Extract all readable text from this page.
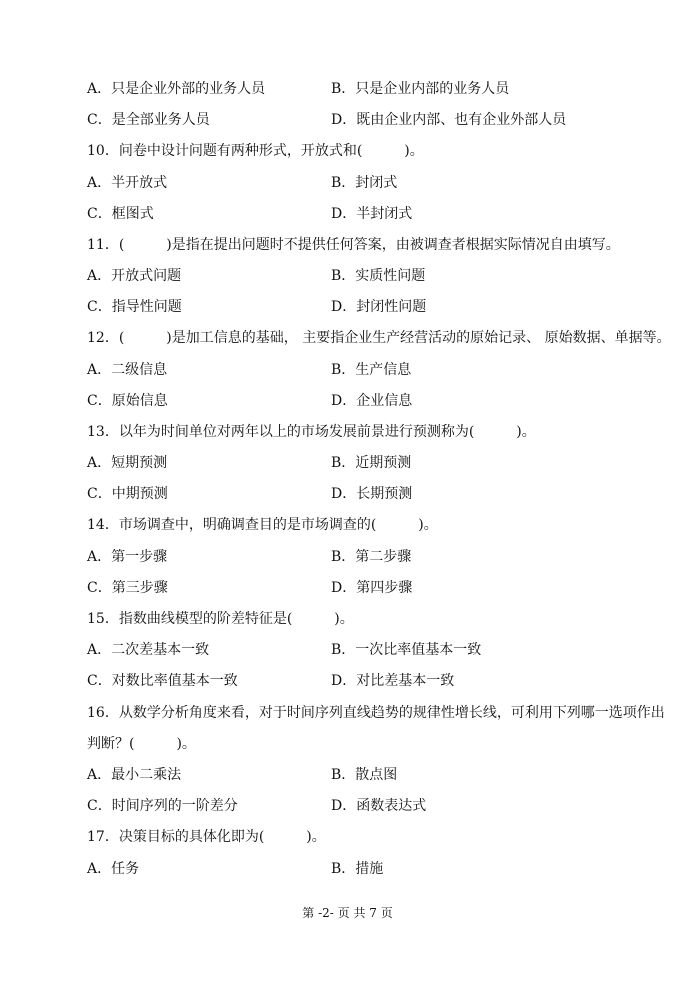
A．只是企业外部的业务人员	B．只是企业内部的业务人员
C．是全部业务人员	D．既由企业内部、也有企业外部人员
10．问卷中设计问题有两种形式，开放式和(　　　)。
A．半开放式	B．封闭式
C．框图式	D．半封闭式
11．(　　　)是指在提出问题时不提供任何答案，由被调查者根据实际情况自由填写。
A．开放式问题	B．实质性问题
C．指导性问题	D．封闭性问题
12．(　　　)是加工信息的基础， 主要指企业生产经营活动的原始记录、 原始数据、单据等。
A．二级信息	B．生产信息
C．原始信息	D．企业信息
13．以年为时间单位对两年以上的市场发展前景进行预测称为(　　　)。
A．短期预测	B．近期预测
C．中期预测	D．长期预测
14．市场调查中，明确调查目的是市场调查的(　　　)。
A．第一步骤	B．第二步骤
C．第三步骤	D．第四步骤
15．指数曲线模型的阶差特征是(　　　)。
A．二次差基本一致	B．一次比率值基本一致
C．对数比率值基本一致	D．对比差基本一致
16．从数学分析角度来看，对于时间序列直线趋势的规律性增长线，可利用下列哪一选项作出
判断？(　　　)。
A．最小二乘法	B．散点图
C．时间序列的一阶差分	D．函数表达式
17．决策目标的具体化即为(　　　)。
A．任务	B．措施
第 -2- 页 共 7 页
